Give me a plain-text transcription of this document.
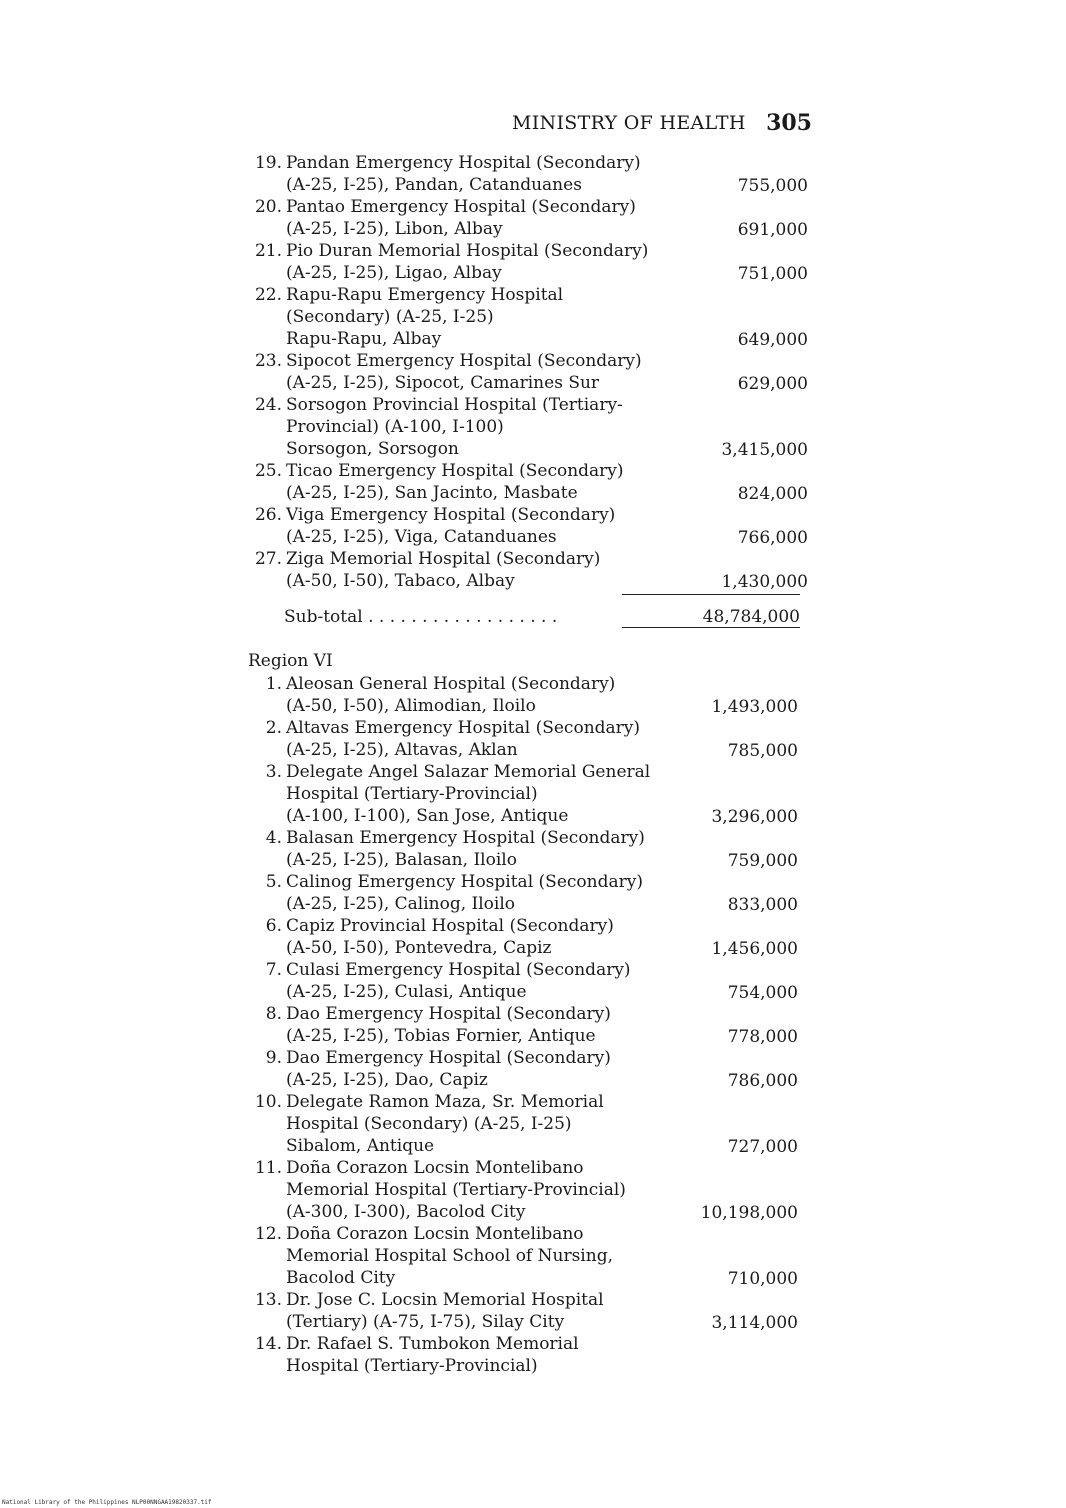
MINISTRY OF HEALTH 305
19. Pandan Emergency Hospital (Secondary)
(A-25, I-25), Pandan, Catanduanes	755,000
20. Pantao Emergency Hospital (Secondary)
(A-25, I-25), Libon, Albay	691,000
21. Pio Duran Memorial Hospital (Secondary)
(A-25, I-25), Ligao, Albay	751,000
22. Rapu-Rapu Emergency Hospital
(Secondary) (A-25, I-25)
Rapu-Rapu, Albay	649,000
23. Sipocot Emergency Hospital (Secondary)
(A-25, I-25), Sipocot, Camarines Sur	629,000
24. Sorsogon Provincial Hospital (Tertiary-
Provincial) (A-100, I-100)
Sorsogon, Sorsogon	3,415,000
25. Ticao Emergency Hospital (Secondary)
(A-25, I-25), San Jacinto, Masbate	824,000
26. Viga Emergency Hospital (Secondary)
(A-25, I-25), Viga, Catanduanes	766,000
27. Ziga Memorial Hospital (Secondary)
(A-50, I-50), Tabaco, Albay	1,430,000
Sub-total . . . . . . . . . . . . . . . . . .	48,784,000
Region VI
1. Aleosan General Hospital (Secondary)
(A-50, I-50), Alimodian, Iloilo	1,493,000
2. Altavas Emergency Hospital (Secondary)
(A-25, I-25), Altavas, Aklan	785,000
3. Delegate Angel Salazar Memorial General
Hospital (Tertiary-Provincial)
(A-100, I-100), San Jose, Antique	3,296,000
4. Balasan Emergency Hospital (Secondary)
(A-25, I-25), Balasan, Iloilo	759,000
5. Calinog Emergency Hospital (Secondary)
(A-25, I-25), Calinog, Iloilo	833,000
6. Capiz Provincial Hospital (Secondary)
(A-50, I-50), Pontevedra, Capiz	1,456,000
7. Culasi Emergency Hospital (Secondary)
(A-25, I-25), Culasi, Antique	754,000
8. Dao Emergency Hospital (Secondary)
(A-25, I-25), Tobias Fornier, Antique	778,000
9. Dao Emergency Hospital (Secondary)
(A-25, I-25), Dao, Capiz	786,000
10. Delegate Ramon Maza, Sr. Memorial
Hospital (Secondary) (A-25, I-25)
Sibalom, Antique	727,000
11. Doña Corazon Locsin Montelibano
Memorial Hospital (Tertiary-Provincial)
(A-300, I-300), Bacolod City	10,198,000
12. Doña Corazon Locsin Montelibano
Memorial Hospital School of Nursing,
Bacolod City	710,000
13. Dr. Jose C. Locsin Memorial Hospital
(Tertiary) (A-75, I-75), Silay City	3,114,000
14. Dr. Rafael S. Tumbokon Memorial
Hospital (Tertiary-Provincial)
National Library of the Philippines NLP00NNGAA19820337.tif
